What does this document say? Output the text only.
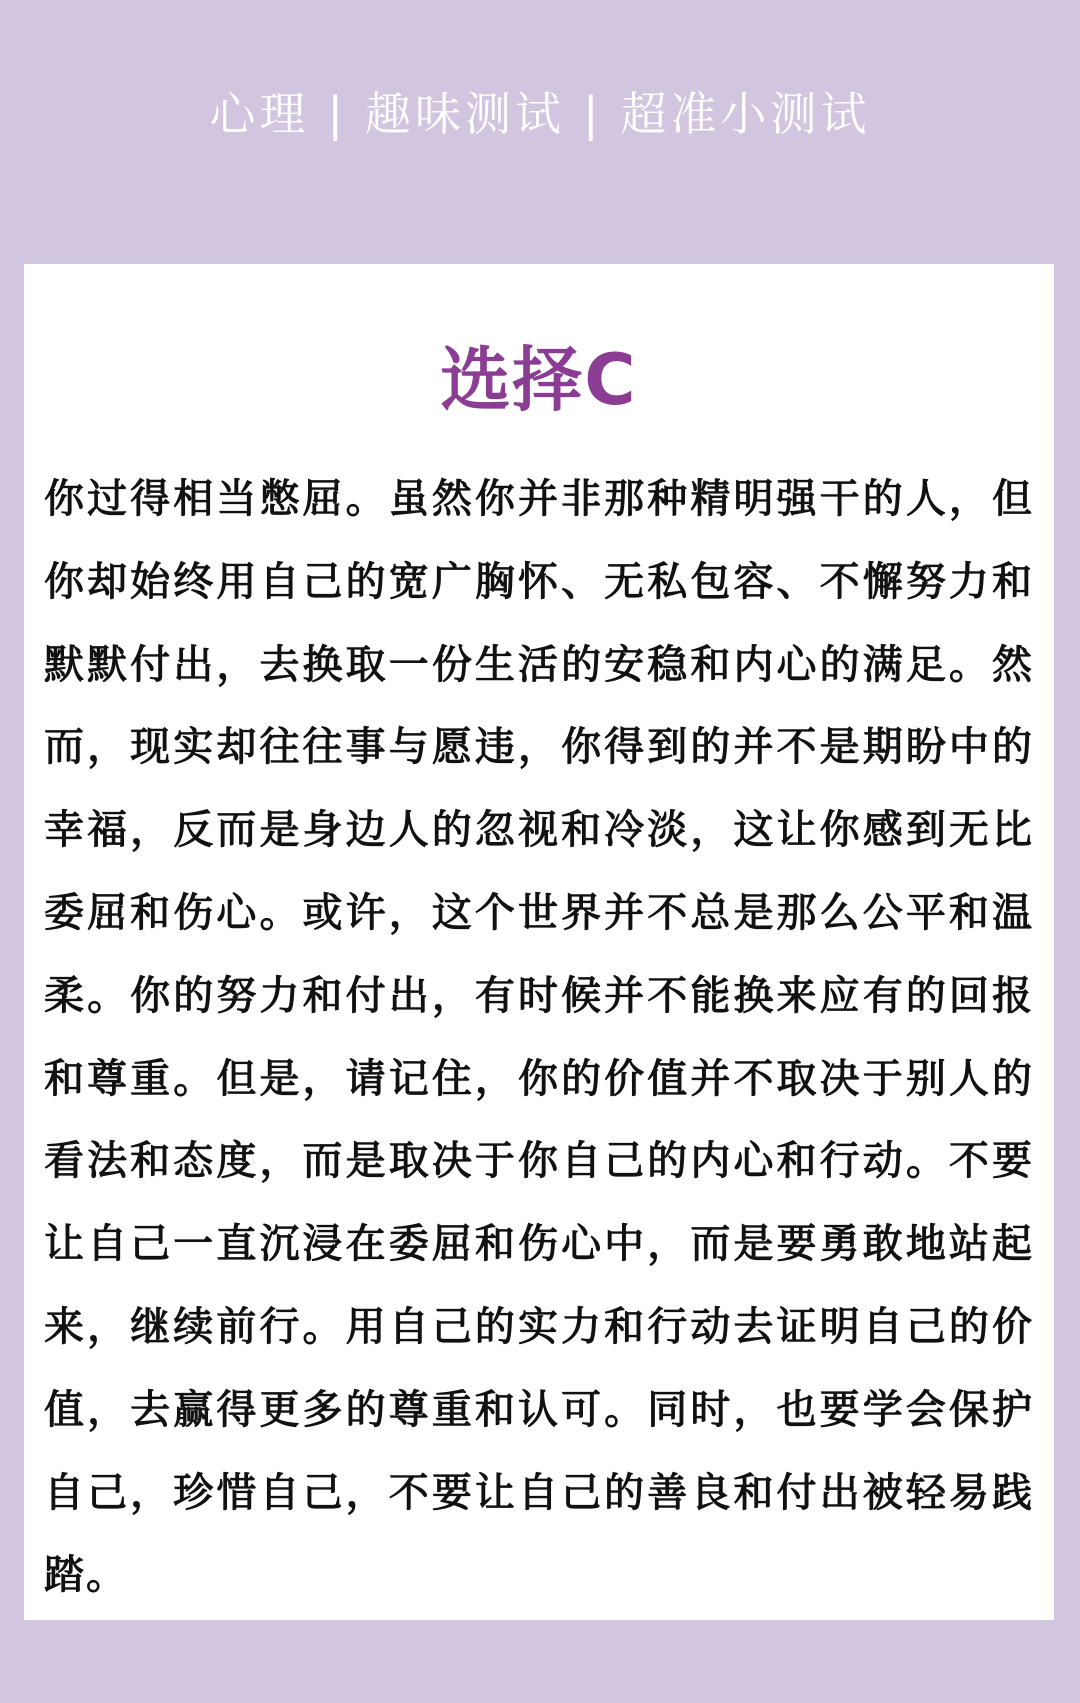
心理 | 趣味测试 | 超准小测试
选择C

你过得相当憋屈。虽然你并非那种精明强干的人，但你却始终用自己的宽广胸怀、无私包容、不懈努力和默默付出，去换取一份生活的安稳和内心的满足。然而，现实却往往事与愿违，你得到的并不是期盼中的幸福，反而是身边人的忽视和冷淡，这让你感到无比委屈和伤心。或许，这个世界并不总是那么公平和温柔。你的努力和付出，有时候并不能换来应有的回报和尊重。但是，请记住，你的价值并不取决于别人的看法和态度，而是取决于你自己的内心和行动。不要让自己一直沉浸在委屈和伤心中，而是要勇敢地站起来，继续前行。用自己的实力和行动去证明自己的价值，去赢得更多的尊重和认可。同时，也要学会保护自己，珍惜自己，不要让自己的善良和付出被轻易践踏。
